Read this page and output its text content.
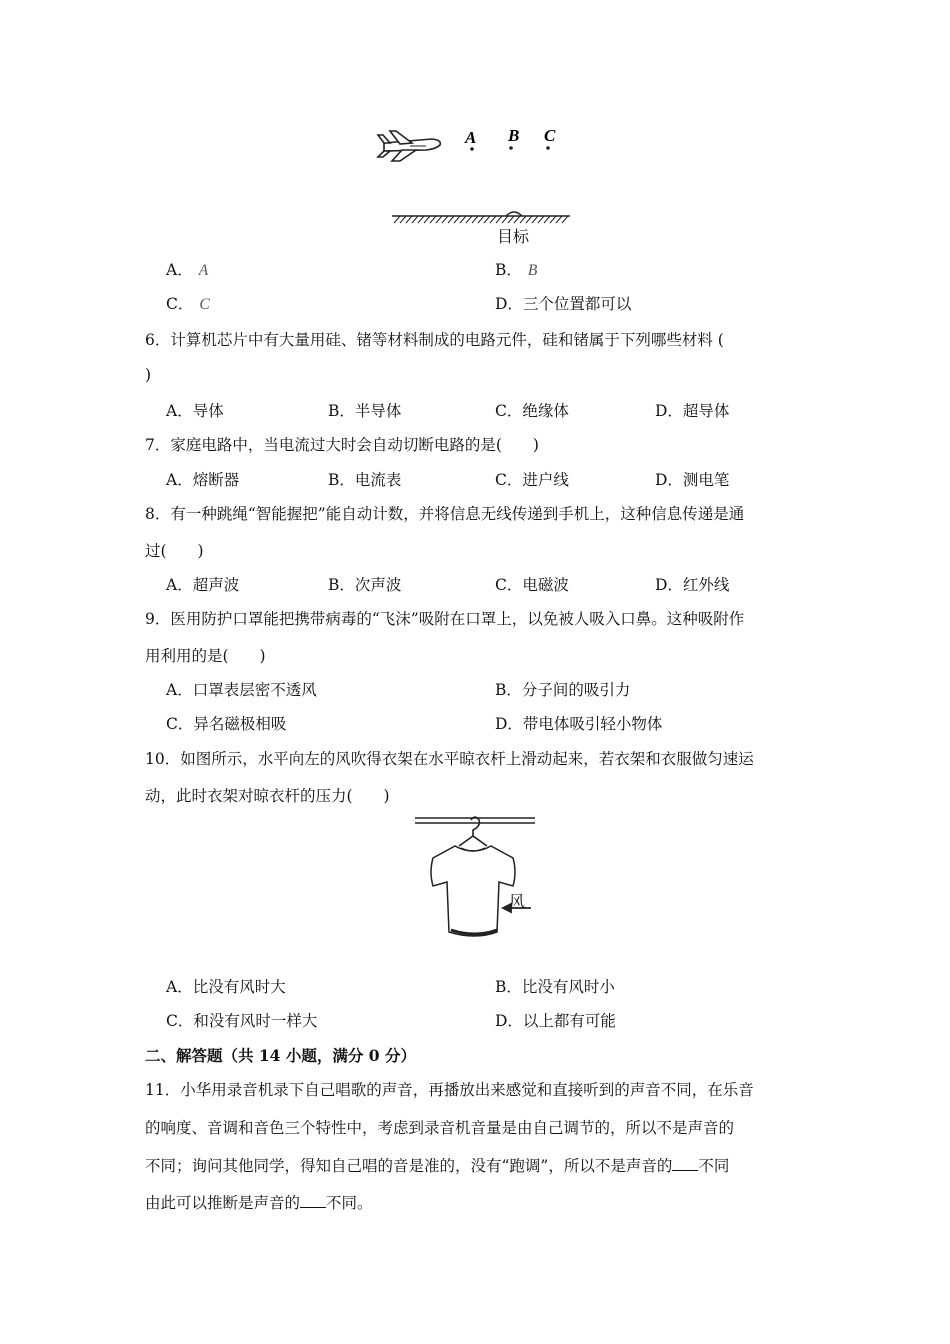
A B C
目标
A． A	B． B
C． C	D．三个位置都可以
6．计算机芯片中有大量用硅、锗等材料制成的电路元件，硅和锗属于下列哪些材料 (
)
A．导体	B．半导体	C．绝缘体	D．超导体
7．家庭电路中，当电流过大时会自动切断电路的是(　　)
A．熔断器	B．电流表	C．进户线	D．测电笔
8．有一种跳绳“智能握把”能自动计数，并将信息无线传递到手机上，这种信息传递是通
过(　　)
A．超声波	B．次声波	C．电磁波	D．红外线
9．医用防护口罩能把携带病毒的“飞沫”吸附在口罩上，以免被人吸入口鼻。这种吸附作
用利用的是(　　)
A．口罩表层密不透风	B．分子间的吸引力
C．异名磁极相吸	D．带电体吸引轻小物体
10．如图所示，水平向左的风吹得衣架在水平晾衣杆上滑动起来，若衣架和衣服做匀速运
动，此时衣架对晾衣杆的压力(　　)
风
A．比没有风时大	B．比没有风时小
C．和没有风时一样大	D．以上都有可能
二、解答题（共 14 小题，满分 0 分）
11．小华用录音机录下自己唱歌的声音，再播放出来感觉和直接听到的声音不同，在乐音
的响度、音调和音色三个特性中，考虑到录音机音量是由自己调节的，所以不是声音的
不同；询问其他同学，得知自己唱的音是准的，没有“跑调”，所以不是声音的 不同
由此可以推断是声音的 不同。
